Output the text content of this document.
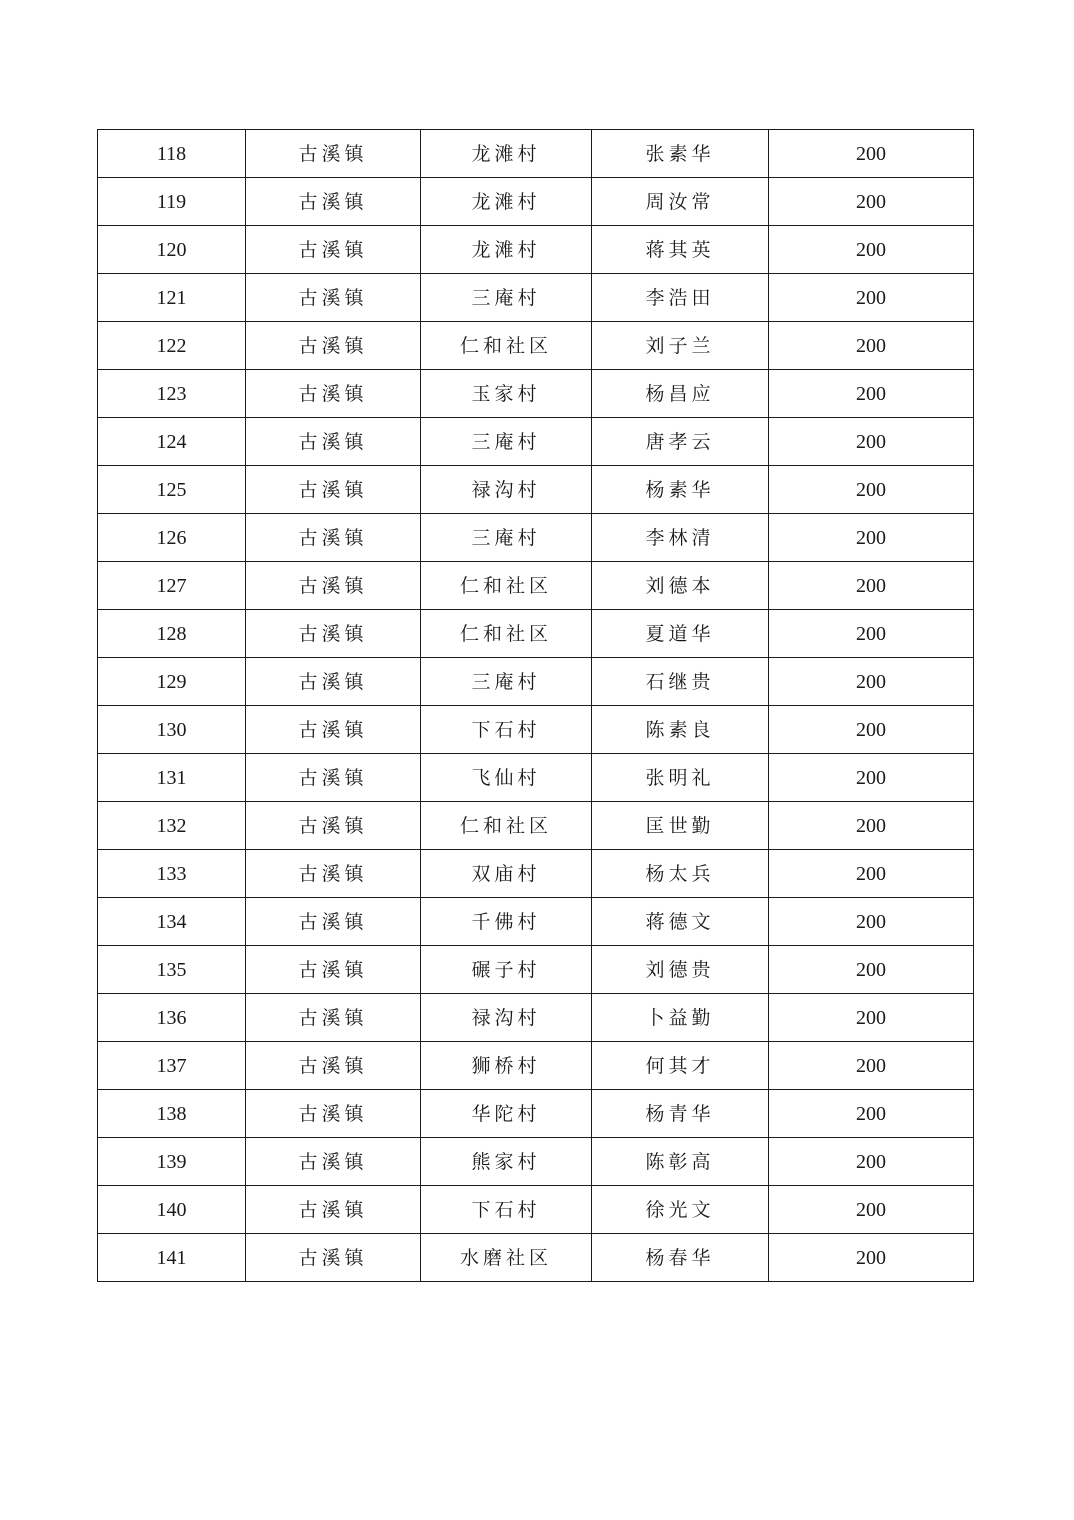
118	古溪镇	龙滩村	张素华	200
119	古溪镇	龙滩村	周汝常	200
120	古溪镇	龙滩村	蒋其英	200
121	古溪镇	三庵村	李浩田	200
122	古溪镇	仁和社区	刘子兰	200
123	古溪镇	玉家村	杨昌应	200
124	古溪镇	三庵村	唐孝云	200
125	古溪镇	禄沟村	杨素华	200
126	古溪镇	三庵村	李林清	200
127	古溪镇	仁和社区	刘德本	200
128	古溪镇	仁和社区	夏道华	200
129	古溪镇	三庵村	石继贵	200
130	古溪镇	下石村	陈素良	200
131	古溪镇	飞仙村	张明礼	200
132	古溪镇	仁和社区	匡世勤	200
133	古溪镇	双庙村	杨太兵	200
134	古溪镇	千佛村	蒋德文	200
135	古溪镇	碾子村	刘德贵	200
136	古溪镇	禄沟村	卜益勤	200
137	古溪镇	狮桥村	何其才	200
138	古溪镇	华陀村	杨青华	200
139	古溪镇	熊家村	陈彰高	200
140	古溪镇	下石村	徐光文	200
141	古溪镇	水磨社区	杨春华	200
